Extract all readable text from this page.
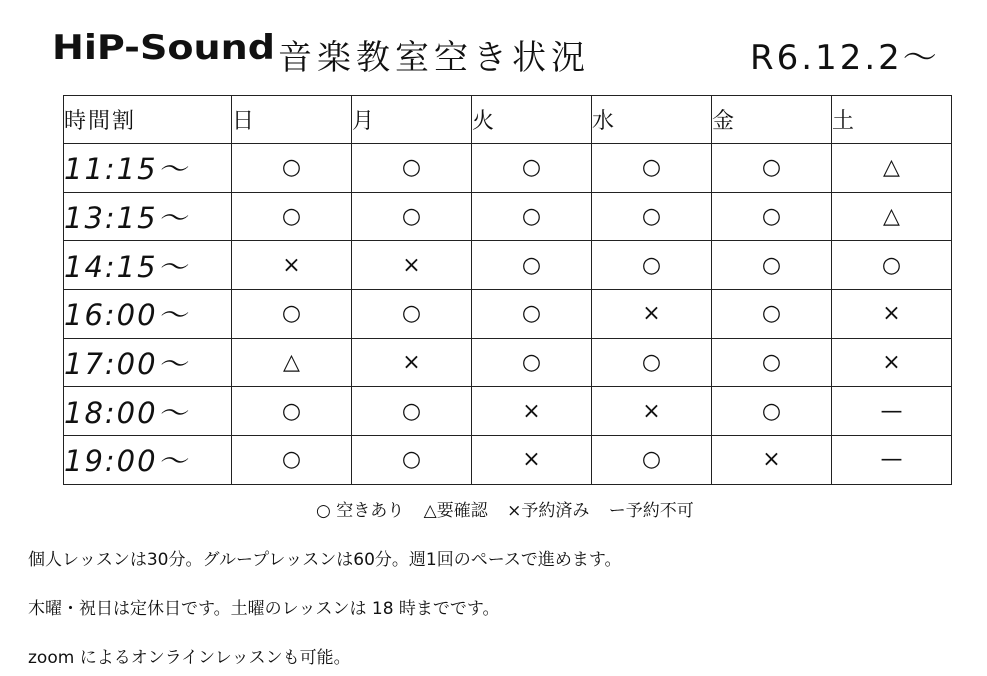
HiP-Sound 音楽教室空き状況	R6.12.2〜
時間割	日	月	火	水	金	土
11:15〜	○	○	○	○	○	△
13:15〜	○	○	○	○	○	△
14:15〜	×	×	○	○	○	○
16:00〜	○	○	○	×	○	×
17:00〜	△	×	○	○	○	×
18:00〜	○	○	×	×	○	—
19:00〜	○	○	×	○	×	—
○ 空きあり △要確認 ×予約済み ー予約不可
個人レッスンは30分。グループレッスンは60分。週1回のペースで進めます。
木曜・祝日は定休日です。土曜のレッスンは 18 時までです。
zoom によるオンラインレッスンも可能。
